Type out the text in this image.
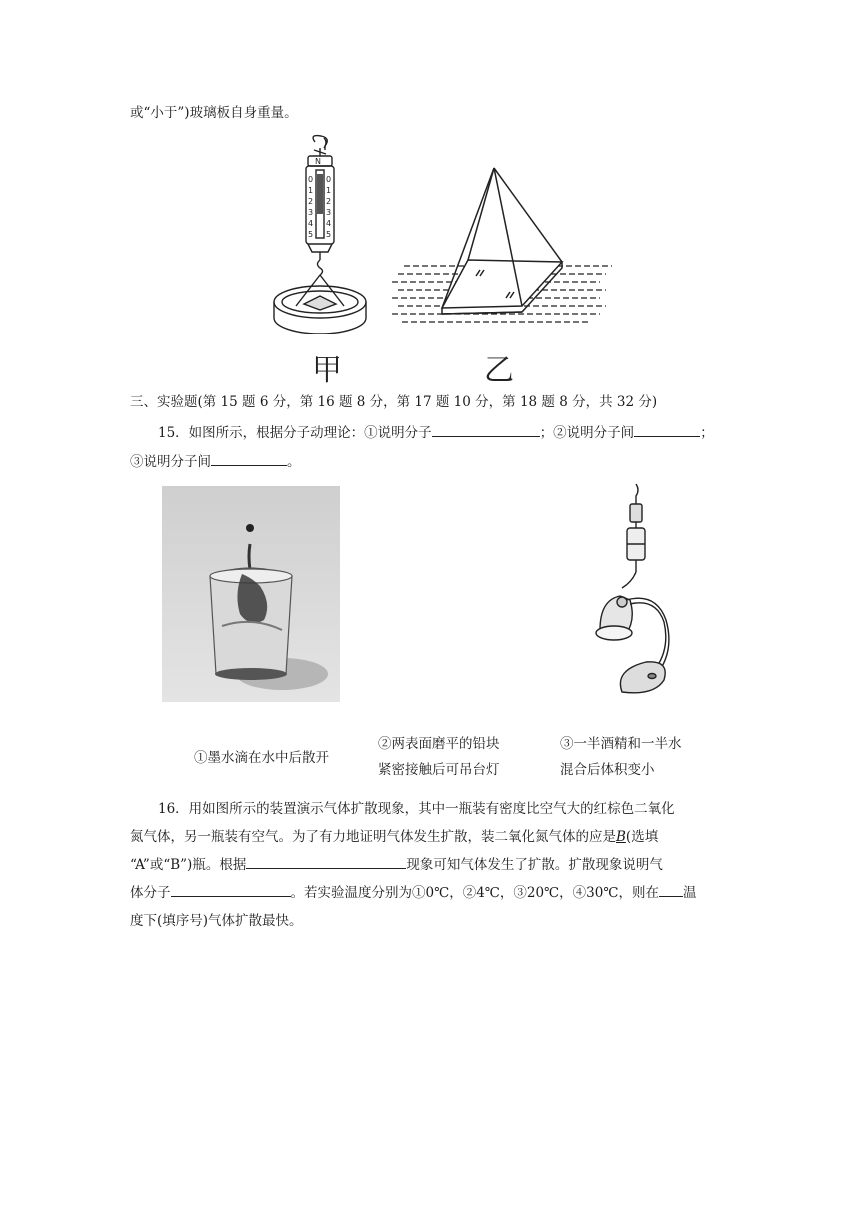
或“小于”)玻璃板自身重量。
N
0
1
2
3
4
5
0
1
2
3
4
5
甲	乙
三、实验题(第 15 题 6 分，第 16 题 8 分，第 17 题 10 分，第 18 题 8 分，共 32 分)
15．如图所示，根据分子动理论：①说明分子	；②说明分子间	；
③说明分子间	。
①墨水滴在水中后散开
②两表面磨平的铅块
紧密接触后可吊台灯
③一半酒精和一半水
混合后体积变小
16．用如图所示的装置演示气体扩散现象，其中一瓶装有密度比空气大的红棕色二氧化
氮气体，另一瓶装有空气。为了有力地证明气体发生扩散，装二氧化氮气体的应是B(选填
“A”或“B”)瓶。根据	现象可知气体发生了扩散。扩散现象说明气
体分子	。若实验温度分别为①0℃，②4℃，③20℃，④30℃，则在 温
度下(填序号)气体扩散最快。
